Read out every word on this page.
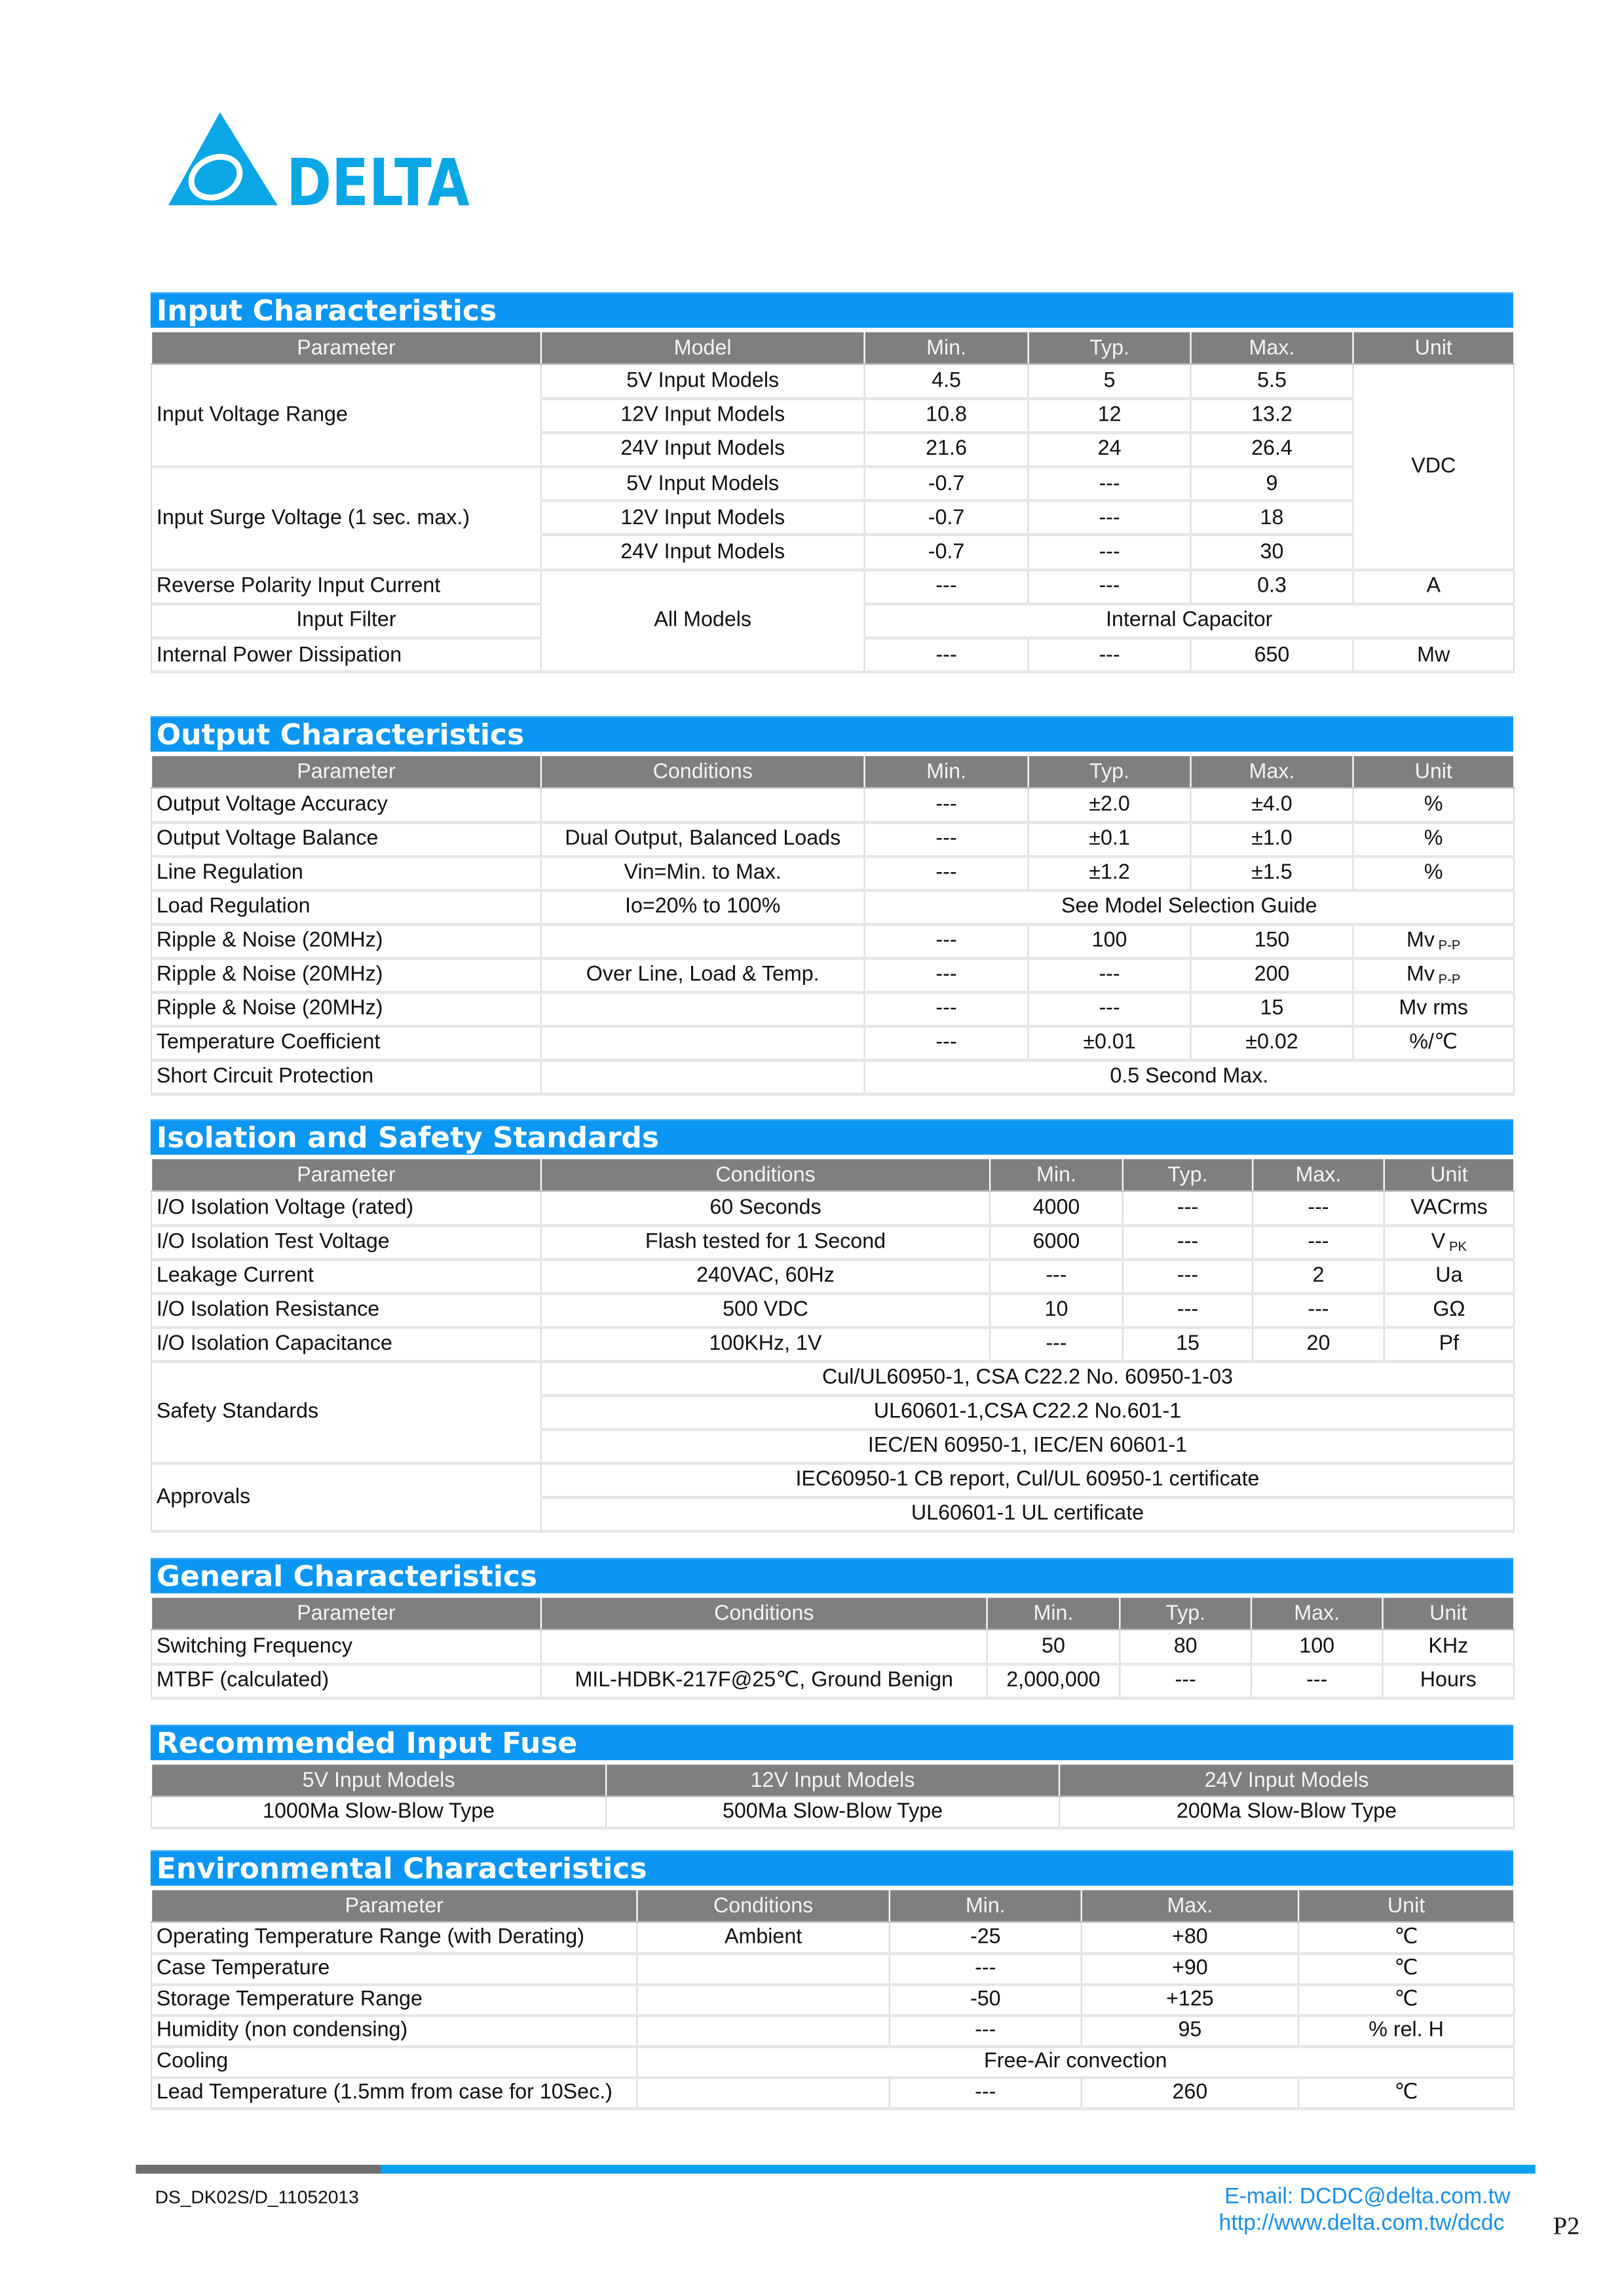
DELTA
Input Characteristics
Parameter	Model	Min.	Typ.	Max.	Unit
Input Voltage Range	5V Input Models	4.5	5	5.5	VDC
	12V Input Models	10.8	12	13.2	
	24V Input Models	21.6	24	26.4	
Input Surge Voltage (1 sec. max.)	5V Input Models	-0.7	---	9	
	12V Input Models	-0.7	---	18	
	24V Input Models	-0.7	---	30	
Reverse Polarity Input Current	All Models	---	---	0.3	A
Input Filter		Internal Capacitor			
Internal Power Dissipation		---	---	650	Mw
Output Characteristics
Parameter	Conditions	Min.	Typ.	Max.	Unit
Output Voltage Accuracy		---	±2.0	±4.0	%
Output Voltage Balance	Dual Output, Balanced Loads	---	±0.1	±1.0	%
Line Regulation	Vin=Min. to Max.	---	±1.2	±1.5	%
Load Regulation	Io=20% to 100%	See Model Selection Guide			
Ripple & Noise (20MHz)		---	100	150	Mv $_{P-P}$
Ripple & Noise (20MHz)	Over Line, Load & Temp.	---	---	200	Mv $_{P-P}$
Ripple & Noise (20MHz)		---	---	15	Mv rms
Temperature Coefficient		---	±0.01	±0.02	%/℃
Short Circuit Protection		0.5 Second Max.			
Isolation and Safety Standards
Parameter	Conditions	Min.	Typ.	Max.	Unit
I/O Isolation Voltage (rated)	60 Seconds	4000	---	---	VACrms
I/O Isolation Test Voltage	Flash tested for 1 Second	6000	---	---	V $_{PK}$
Leakage Current	240VAC, 60Hz	---	---	2	Ua
I/O Isolation Resistance	500 VDC	10	---	---	GΩ
I/O Isolation Capacitance	100KHz, 1V	---	15	20	Pf
Safety Standards	Cul/UL60950-1, CSA C22.2 No. 60950-1-03				
	UL60601-1,CSA C22.2 No.601-1				
	IEC/EN 60950-1, IEC/EN 60601-1				
Approvals	IEC60950-1 CB report, Cul/UL 60950-1 certificate				
	UL60601-1 UL certificate				
General Characteristics
Parameter	Conditions	Min.	Typ.	Max.	Unit
Switching Frequency		50	80	100	KHz
MTBF (calculated)	MIL-HDBK-217F@25℃, Ground Benign	2,000,000	---	---	Hours
Recommended Input Fuse
5V Input Models	12V Input Models	24V Input Models
1000Ma Slow-Blow Type	500Ma Slow-Blow Type	200Ma Slow-Blow Type
Environmental Characteristics
Parameter	Conditions	Min.	Max.	Unit
Operating Temperature Range (with Derating)	Ambient	-25	+80	℃
Case Temperature		---	+90	℃
Storage Temperature Range		-50	+125	℃
Humidity (non condensing)		---	95	% rel. H
Cooling	Free-Air convection			
Lead Temperature (1.5mm from case for 10Sec.)		---	260	℃
DS_DK02S/D_11052013	E-mail: DCDC@delta.com.tw
http://www.delta.com.tw/dcdc	P2
